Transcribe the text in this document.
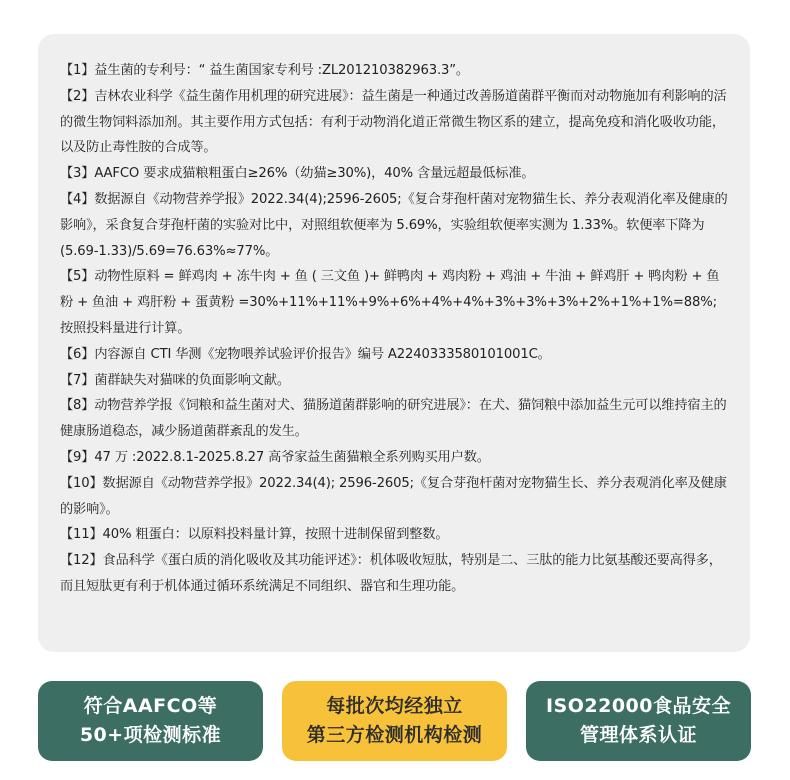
【1】益生菌的专利号：“ 益生菌国家专利号 :ZL201210382963.3”。

【2】吉林农业科学《益生菌作用机理的研究进展》：益生菌是一种通过改善肠道菌群平衡而对动物施加有利影响的活的微生物饲料添加剂。其主要作用方式包括：有利于动物消化道正常微生物区系的建立，提高免疫和消化吸收功能，以及防止毒性胺的合成等。

【3】AAFCO 要求成猫粮粗蛋白≥26%（幼猫≥30%)，40% 含量远超最低标准。

【4】数据源自《动物营养学报》2022.34(4);2596-2605;《复合芽孢杆菌对宠物猫生长、养分表观消化率及健康的影响》，采食复合芽孢杆菌的实验对比中，对照组软便率为 5.69%，实验组软便率实测为 1.33%。软便率下降为 (5.69-1.33)/5.69=76.63%≈77%。

【5】动物性原料 = 鲜鸡肉 + 冻牛肉 + 鱼 ( 三文鱼 )+ 鲜鸭肉 + 鸡肉粉 + 鸡油 + 牛油 + 鲜鸡肝 + 鸭肉粉 + 鱼粉 + 鱼油 + 鸡肝粉 + 蛋黄粉 =30%+11%+11%+9%+6%+4%+4%+3%+3%+3%+2%+1%+1%=88%; 按照投料量进行计算。

【6】内容源自 CTI 华测《宠物喂养试验评价报告》编号 A2240333580101001C。

【7】菌群缺失对猫咪的负面影响文献。

【8】动物营养学报《饲粮和益生菌对犬、猫肠道菌群影响的研究进展》：在犬、猫饲粮中添加益生元可以维持宿主的健康肠道稳态，减少肠道菌群紊乱的发生。

【9】47 万 :2022.8.1-2025.8.27 高爷家益生菌猫粮全系列购买用户数。

【10】数据源自《动物营养学报》2022.34(4); 2596-2605;《复合芽孢杆菌对宠物猫生长、养分表观消化率及健康的影响》。

【11】40% 粗蛋白：以原料投料量计算，按照十进制保留到整数。

【12】食品科学《蛋白质的消化吸收及其功能评述》：机体吸收短肽，特别是二、三肽的能力比氨基酸还要高得多，而且短肽更有利于机体通过循环系统满足不同组织、器官和生理功能。

符合AAFCO等
50+项检测标准
每批次均经独立
第三方检测机构检测
ISO22000食品安全
管理体系认证
